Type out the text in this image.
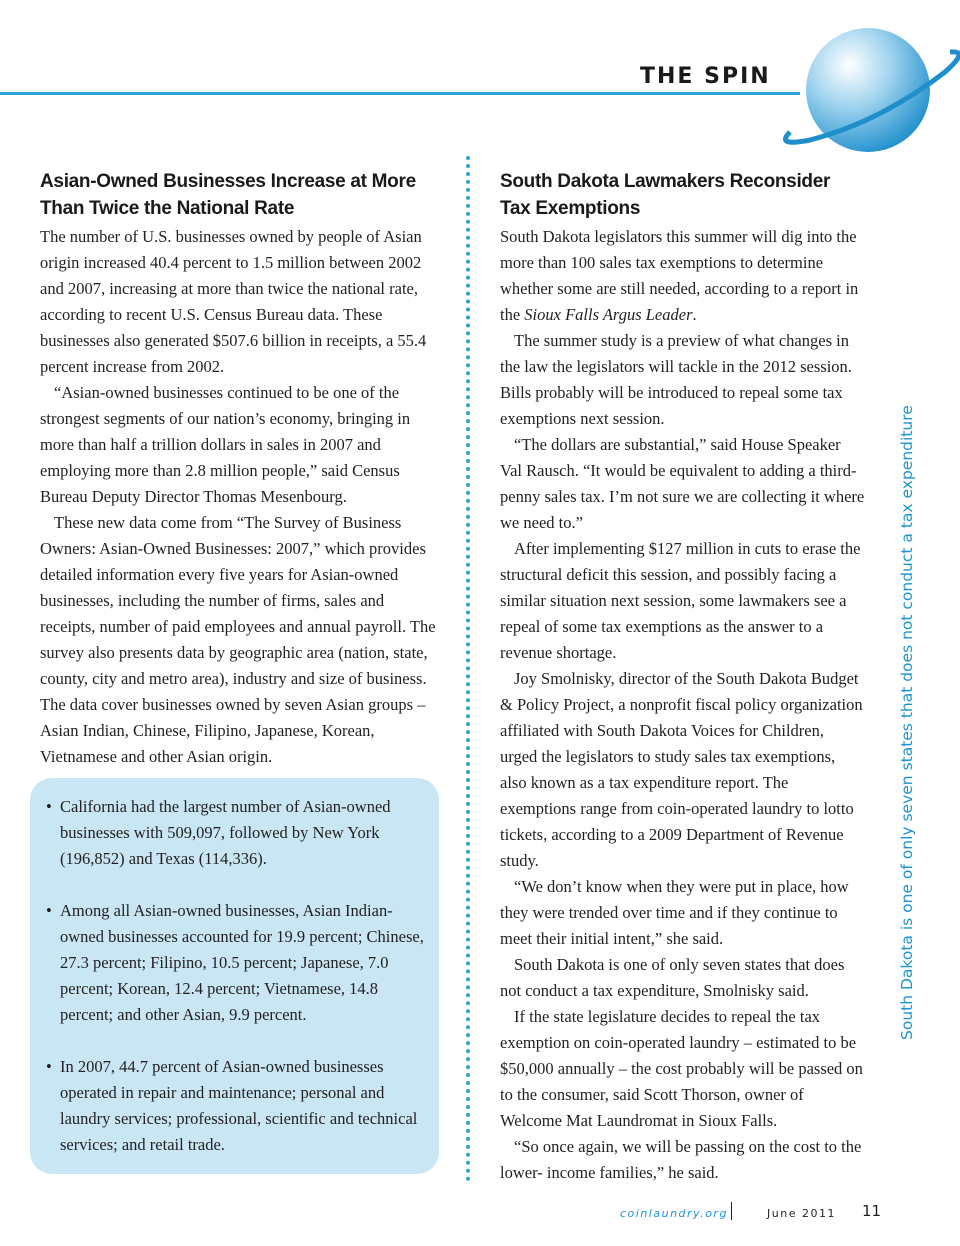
THE SPIN
Asian-Owned Businesses Increase at More Than Twice the National Rate

The number of U.S. businesses owned by people of Asian origin increased 40.4 percent to 1.5 million between 2002 and 2007, increasing at more than twice the national rate, according to recent U.S. Census Bureau data. These businesses also generated $507.6 billion in receipts, a 55.4 percent increase from 2002.

“Asian-owned businesses continued to be one of the strongest segments of our nation’s economy, bringing in more than half a trillion dollars in sales in 2007 and employing more than 2.8 million people,” said Census Bureau Deputy Director Thomas Mesenbourg.

These new data come from “The Survey of Business Owners: Asian-Owned Businesses: 2007,” which provides detailed information every five years for Asian-owned businesses, including the number of firms, sales and receipts, number of paid employees and annual payroll. The survey also presents data by geographic area (nation, state, county, city and metro area), industry and size of business. The data cover businesses owned by seven Asian groups – Asian Indian, Chinese, Filipino, Japanese, Korean, Vietnamese and other Asian origin.

• California had the largest number of Asian-owned businesses with 509,097, followed by New York (196,852) and Texas (114,336).
• Among all Asian-owned businesses, Asian Indian-owned businesses accounted for 19.9 percent; Chinese, 27.3 percent; Filipino, 10.5 percent; Japanese, 7.0 percent; Korean, 12.4 percent; Vietnamese, 14.8 percent; and other Asian, 9.9 percent.
• In 2007, 44.7 percent of Asian-owned businesses operated in repair and maintenance; personal and laundry services; professional, scientific and technical services; and retail trade.
South Dakota Lawmakers Reconsider Tax Exemptions

South Dakota legislators this summer will dig into the more than 100 sales tax exemptions to determine whether some are still needed, according to a report in the Sioux Falls Argus Leader.

The summer study is a preview of what changes in the law the legislators will tackle in the 2012 session. Bills probably will be introduced to repeal some tax exemptions next session.

“The dollars are substantial,” said House Speaker Val Rausch. “It would be equivalent to adding a third-penny sales tax. I’m not sure we are collecting it where we need to.”

After implementing $127 million in cuts to erase the structural deficit this session, and possibly facing a similar situation next session, some lawmakers see a repeal of some tax exemptions as the answer to a revenue shortage.

Joy Smolnisky, director of the South Dakota Budget & Policy Project, a nonprofit fiscal policy organization affiliated with South Dakota Voices for Children, urged the legislators to study sales tax exemptions, also known as a tax expenditure report. The exemptions range from coin-operated laundry to lotto tickets, according to a 2009 Department of Revenue study.

“We don’t know when they were put in place, how they were trended over time and if they continue to meet their initial intent,” she said.

South Dakota is one of only seven states that does not conduct a tax expenditure, Smolnisky said.

If the state legislature decides to repeal the tax exemption on coin-operated laundry – estimated to be $50,000 annually – the cost probably will be passed on to the consumer, said Scott Thorson, owner of Welcome Mat Laundromat in Sioux Falls.

“So once again, we will be passing on the cost to the lower- income families,” he said.

South Dakota is one of only seven states that does not conduct a tax expenditure
coinlaundry.org	June 2011 11
